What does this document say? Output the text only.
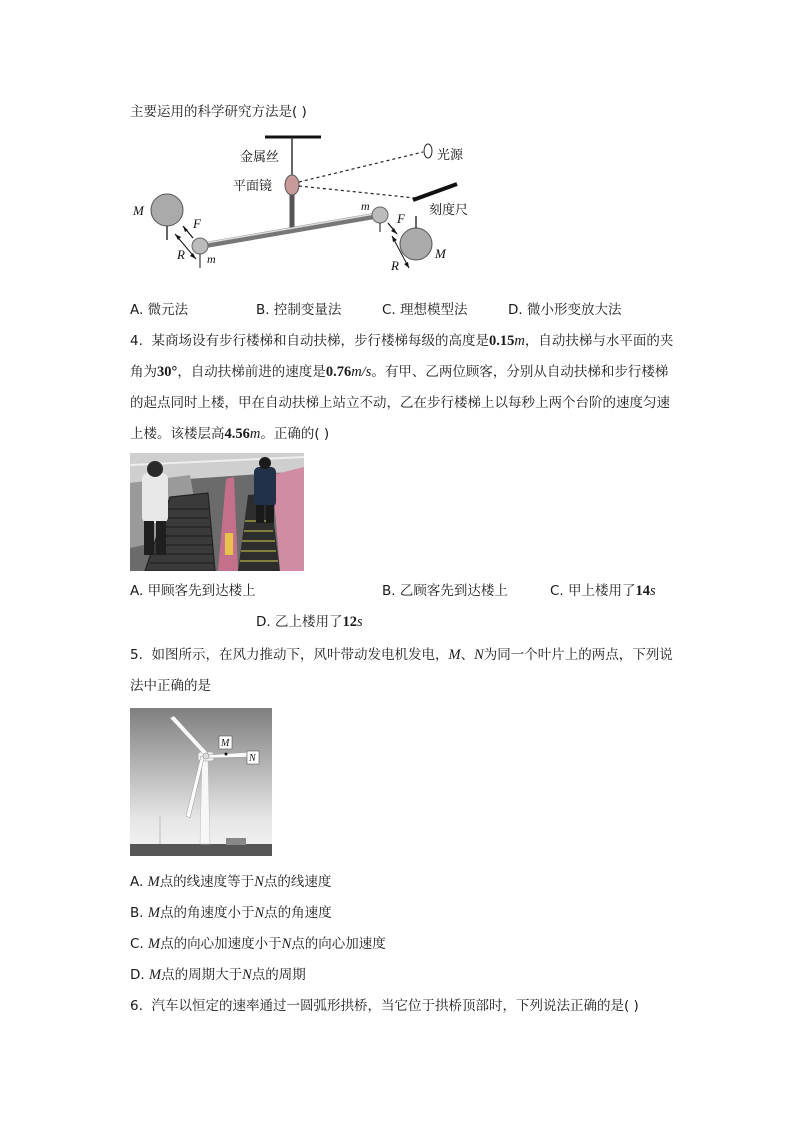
主要运用的科学研究方法是( )
金属丝
平面镜
光源
刻度尺
M
M
m
m
F	F
R
R
A. 微元法	B. 控制变量法	C. 理想模型法	D. 微小形变放大法
4. 某商场设有步行楼梯和自动扶梯，步行楼梯每级的高度是0.15m，自动扶梯与水平面的夹
角为30°，自动扶梯前进的速度是0.76m/s。有甲、乙两位顾客，分别从自动扶梯和步行楼梯
的起点同时上楼，甲在自动扶梯上站立不动，乙在步行楼梯上以每秒上两个台阶的速度匀速
上楼。该楼层高4.56m。正确的( )
A. 甲顾客先到达楼上	B. 乙顾客先到达楼上	C. 甲上楼用了14s
D. 乙上楼用了12s
5. 如图所示，在风力推动下，风叶带动发电机发电，M、N为同一个叶片上的两点，下列说
法中正确的是
M
N
A. M点的线速度等于N点的线速度
B. M点的角速度小于N点的角速度
C. M点的向心加速度小于N点的向心加速度
D. M点的周期大于N点的周期
6. 汽车以恒定的速率通过一圆弧形拱桥，当它位于拱桥顶部时，下列说法正确的是( )
